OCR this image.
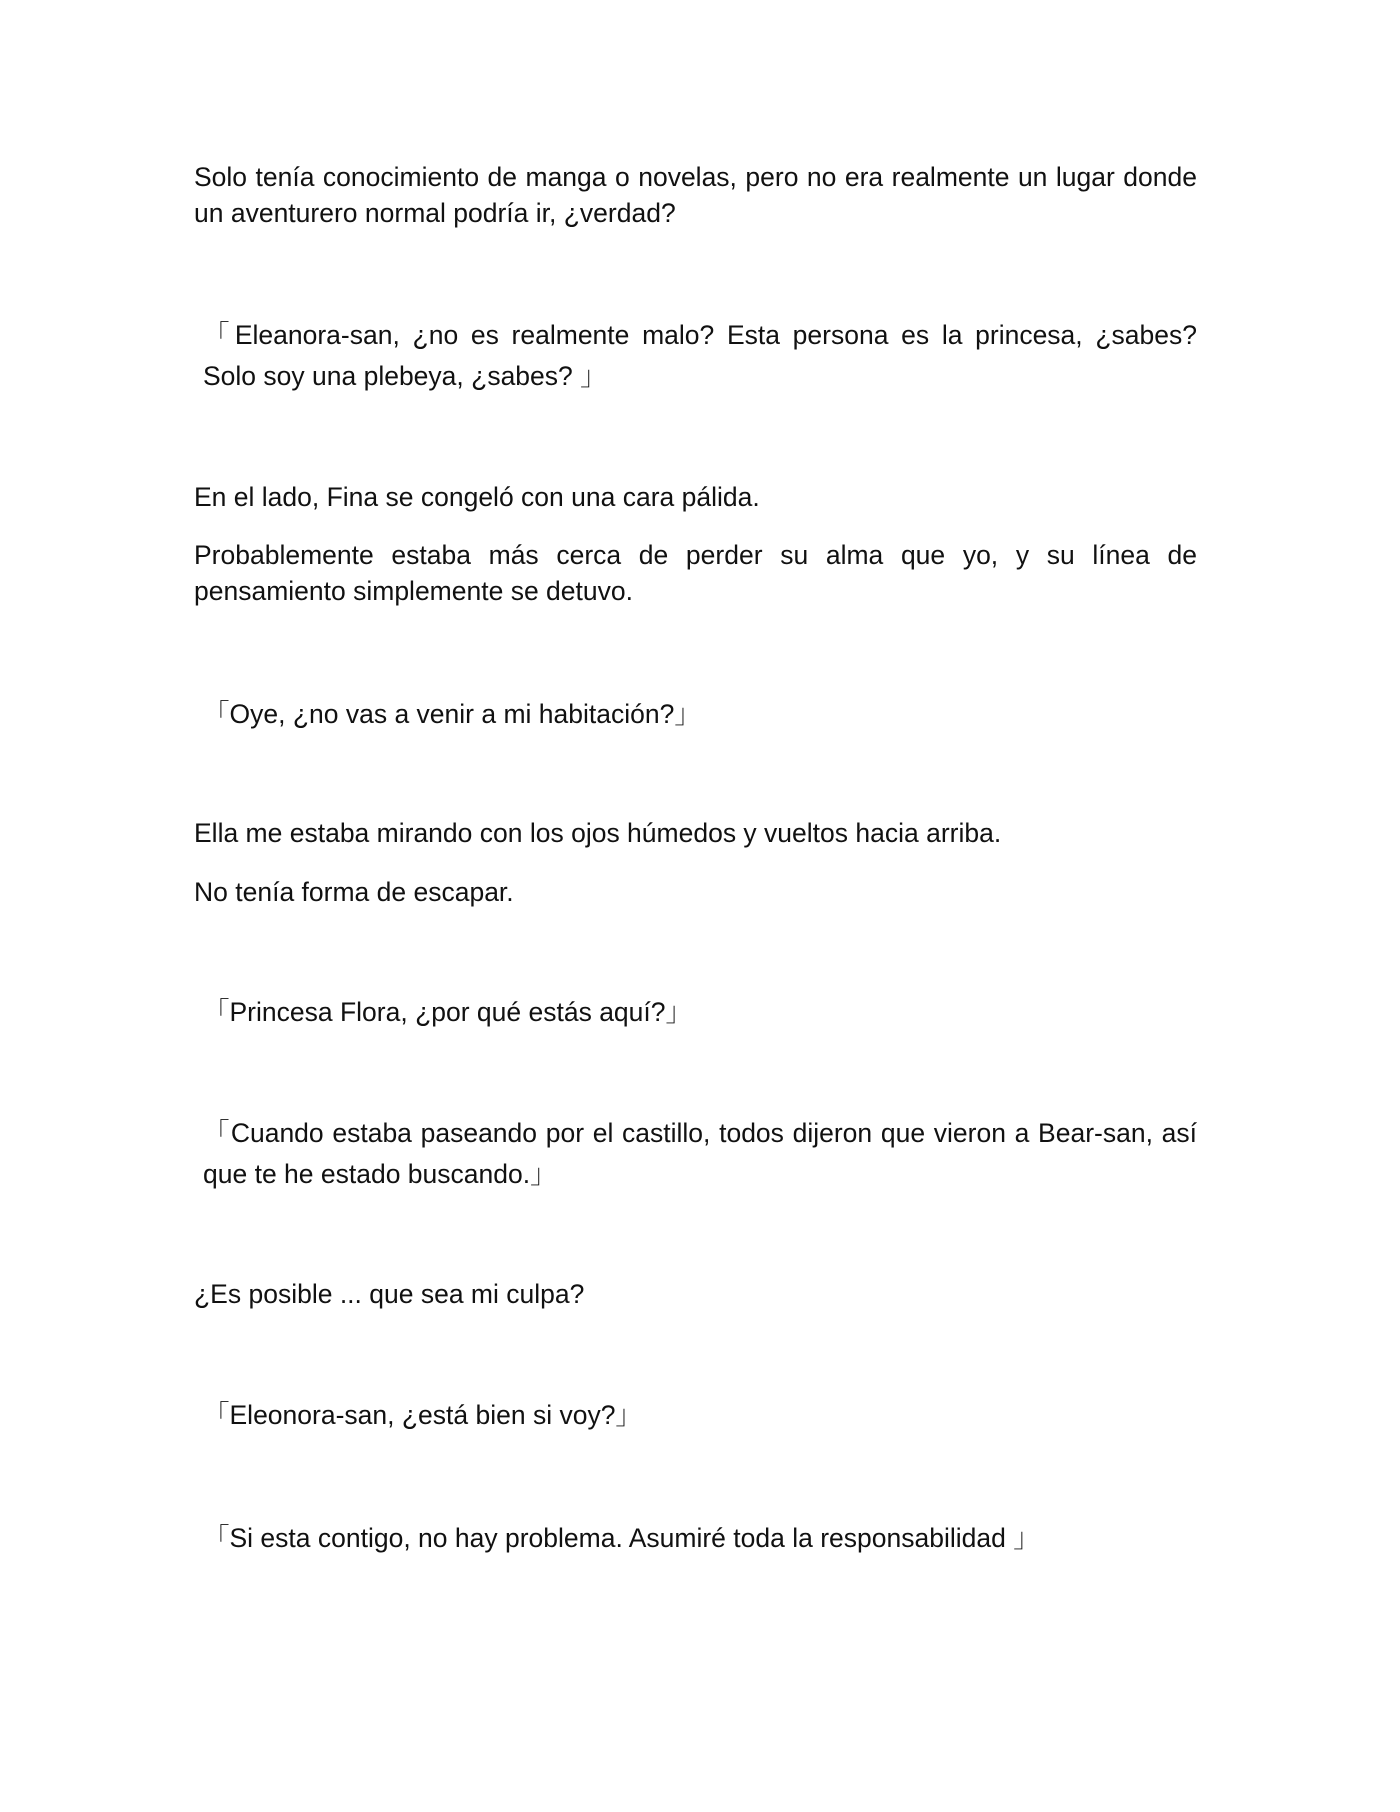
Solo tenía conocimiento de manga o novelas, pero no era realmente un lugar donde un aventurero normal podría ir, ¿verdad?

「Eleanora-san, ¿no es realmente malo? Esta persona es la princesa, ¿sabes? Solo soy una plebeya, ¿sabes? 」

En el lado, Fina se congeló con una cara pálida.

Probablemente estaba más cerca de perder su alma que yo, y su línea de pensamiento simplemente se detuvo.

「Oye, ¿no vas a venir a mi habitación?」

Ella me estaba mirando con los ojos húmedos y vueltos hacia arriba.

No tenía forma de escapar.

「Princesa Flora, ¿por qué estás aquí?」

「Cuando estaba paseando por el castillo, todos dijeron que vieron a Bear-san, así que te he estado buscando.」

¿Es posible ... que sea mi culpa?

「Eleonora-san, ¿está bien si voy?」

「Si esta contigo, no hay problema. Asumiré toda la responsabilidad 」
